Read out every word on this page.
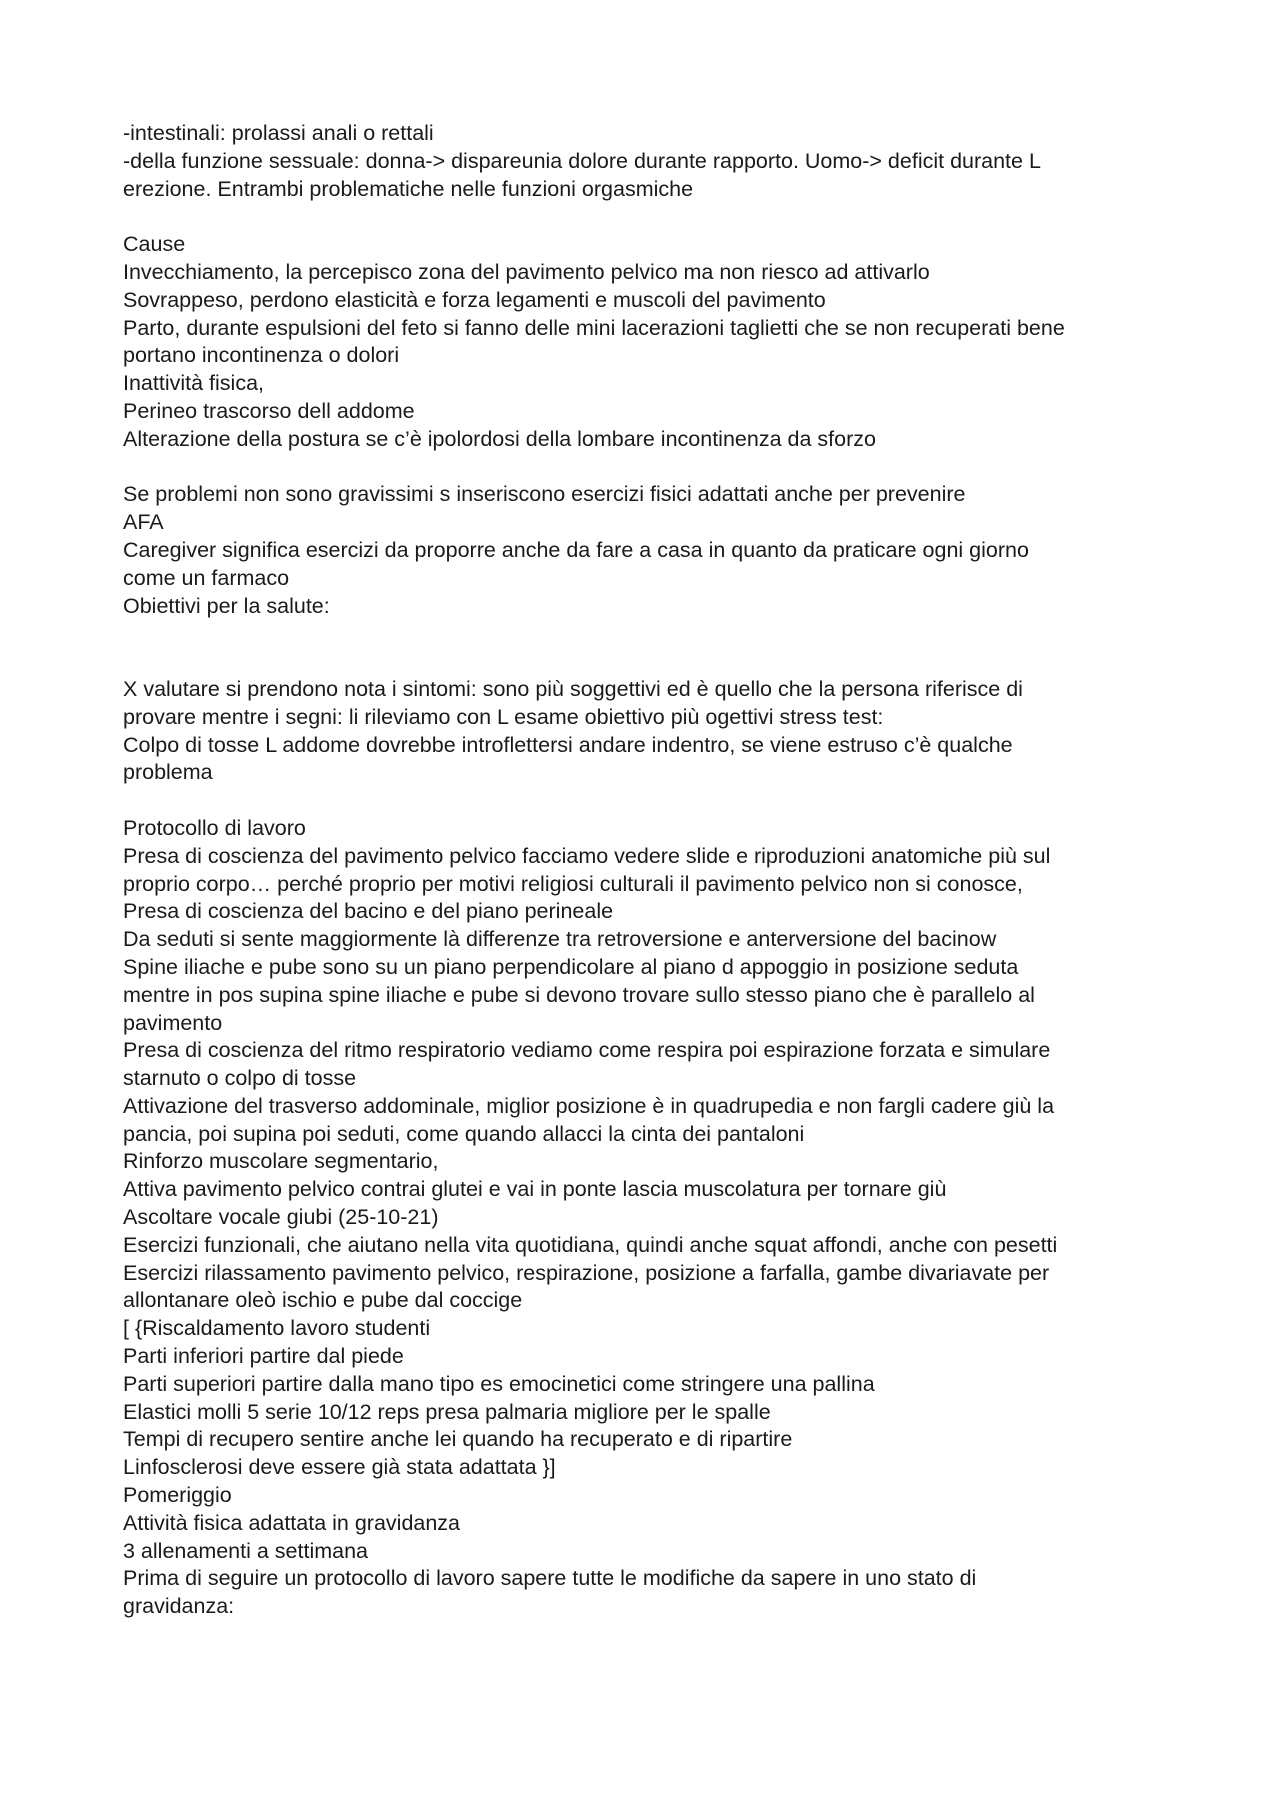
-intestinali: prolassi anali o rettali
-della funzione sessuale: donna-> dispareunia dolore durante rapporto. Uomo-> deficit durante L
erezione. Entrambi problematiche nelle funzioni orgasmiche
Cause
Invecchiamento, la percepisco zona del pavimento pelvico ma non riesco ad attivarlo
Sovrappeso, perdono elasticità e forza legamenti e muscoli del pavimento
Parto, durante espulsioni del feto si fanno delle mini lacerazioni taglietti che se non recuperati bene
portano incontinenza o dolori
Inattività fisica,
Perineo trascorso dell addome
Alterazione della postura se c’è ipolordosi della lombare incontinenza da sforzo
Se problemi non sono gravissimi s inseriscono esercizi fisici adattati anche per prevenire
AFA
Caregiver significa esercizi da proporre anche da fare a casa in quanto da praticare ogni giorno
come un farmaco
Obiettivi per la salute:
X valutare si prendono nota i sintomi: sono più soggettivi ed è quello che la persona riferisce di
provare mentre i segni: li rileviamo con L esame obiettivo più ogettivi stress test:
Colpo di tosse L addome dovrebbe introflettersi andare indentro, se viene estruso c’è qualche
problema
Protocollo di lavoro
Presa di coscienza del pavimento pelvico facciamo vedere slide e riproduzioni anatomiche più sul
proprio corpo… perché proprio per motivi religiosi culturali il pavimento pelvico non si conosce,
Presa di coscienza del bacino e del piano perineale
Da seduti si sente maggiormente là differenze tra retroversione e anterversione del bacinow
Spine iliache e pube sono su un piano perpendicolare al piano d appoggio in posizione seduta
mentre in pos supina spine iliache e pube si devono trovare sullo stesso piano che è parallelo al
pavimento
Presa di coscienza del ritmo respiratorio vediamo come respira poi espirazione forzata e simulare
starnuto o colpo di tosse
Attivazione del trasverso addominale, miglior posizione è in quadrupedia e non fargli cadere giù la
pancia, poi supina poi seduti, come quando allacci la cinta dei pantaloni
Rinforzo muscolare segmentario,
Attiva pavimento pelvico contrai glutei e vai in ponte lascia muscolatura per tornare giù
Ascoltare vocale giubi (25-10-21)
Esercizi funzionali, che aiutano nella vita quotidiana, quindi anche squat affondi, anche con pesetti
Esercizi rilassamento pavimento pelvico, respirazione, posizione a farfalla, gambe divariavate per
allontanare oleò ischio e pube dal coccige
[ {Riscaldamento lavoro studenti
Parti inferiori partire dal piede
Parti superiori partire dalla mano tipo es emocinetici come stringere una pallina
Elastici molli 5 serie 10/12 reps presa palmaria migliore per le spalle
Tempi di recupero sentire anche lei quando ha recuperato e di ripartire
Linfosclerosi deve essere già stata adattata }]
Pomeriggio
Attività fisica adattata in gravidanza
3 allenamenti a settimana
Prima di seguire un protocollo di lavoro sapere tutte le modifiche da sapere in uno stato di
gravidanza:
